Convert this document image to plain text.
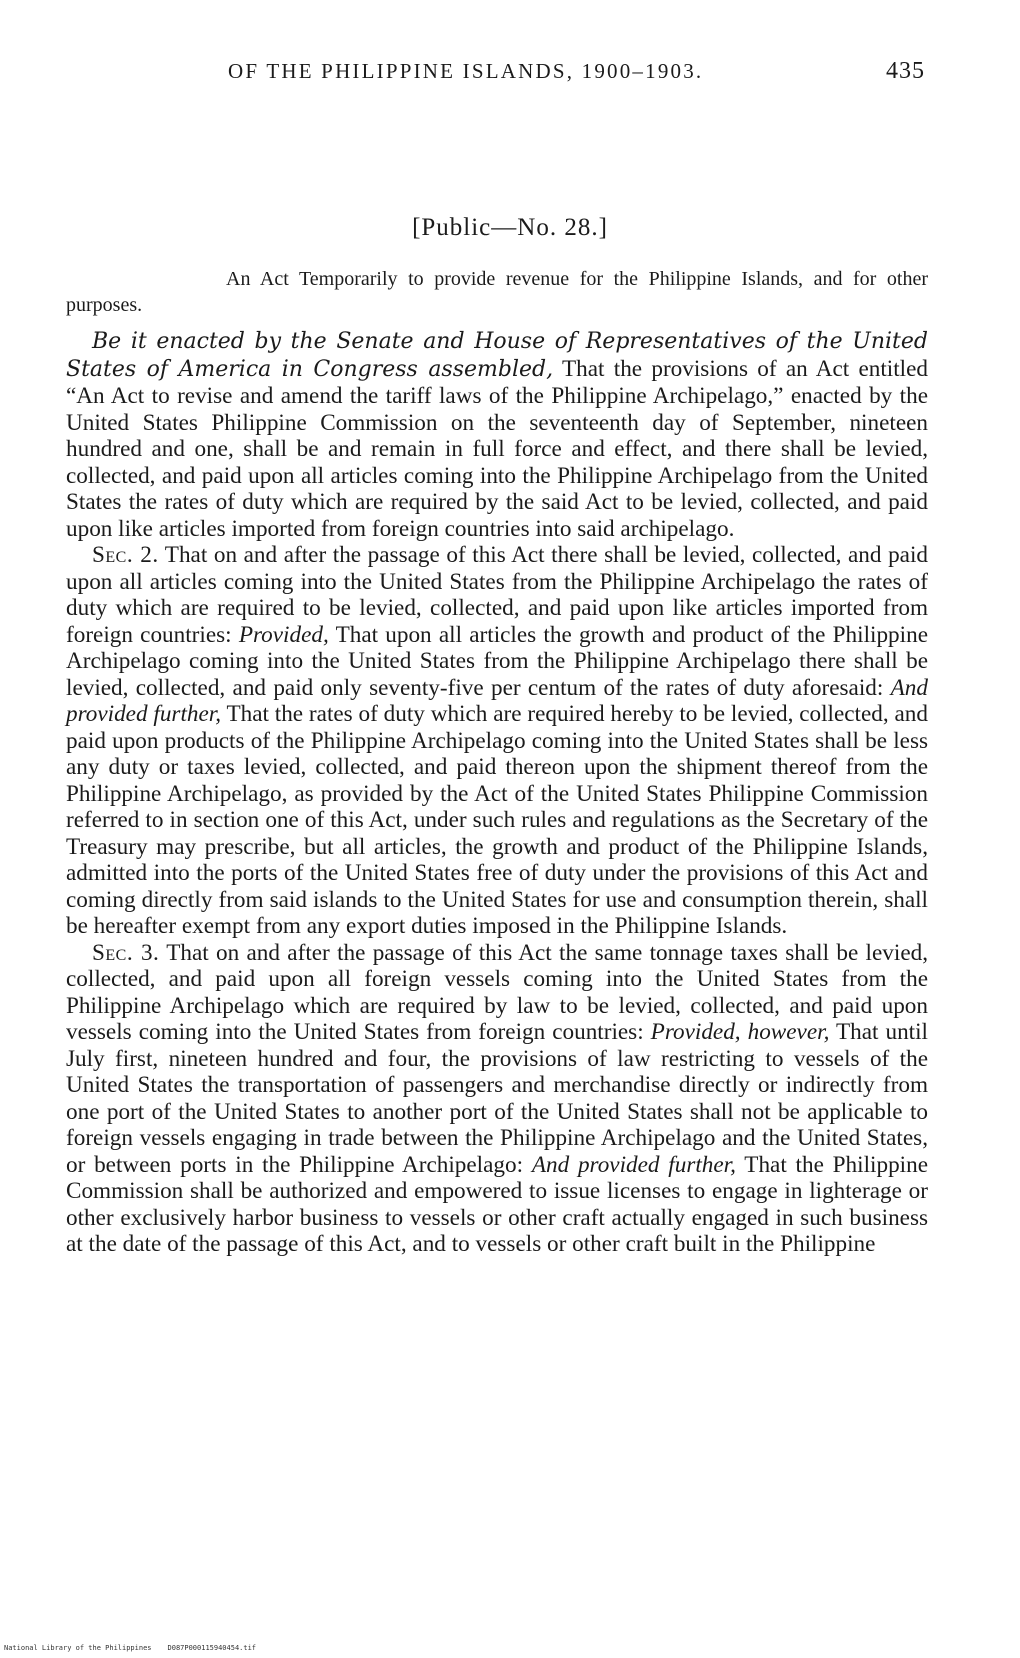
OF THE PHILIPPINE ISLANDS, 1900–1903.	435
[Public—No. 28.]

An Act Temporarily to provide revenue for the Philippine Islands, and for other purposes.

Be it enacted by the Senate and House of Representatives of the United States of America in Congress assembled, That the provisions of an Act entitled “An Act to revise and amend the tariff laws of the Philippine Archipelago,” enacted by the United States Philippine Commission on the seventeenth day of September, nineteen hundred and one, shall be and remain in full force and effect, and there shall be levied, collected, and paid upon all articles coming into the Philippine Archipelago from the United States the rates of duty which are required by the said Act to be levied, collected, and paid upon like articles imported from foreign countries into said archipelago.

Sec. 2. That on and after the passage of this Act there shall be levied, collected, and paid upon all articles coming into the United States from the Philippine Archipelago the rates of duty which are required to be levied, collected, and paid upon like articles imported from foreign countries: Provided, That upon all articles the growth and product of the Philippine Archipelago coming into the United States from the Philippine Archipelago there shall be levied, collected, and paid only seventy-five per centum of the rates of duty aforesaid: And provided further, That the rates of duty which are required hereby to be levied, collected, and paid upon products of the Philippine Archipelago coming into the United States shall be less any duty or taxes levied, collected, and paid thereon upon the shipment thereof from the Philippine Archipelago, as provided by the Act of the United States Philippine Commission referred to in section one of this Act, under such rules and regulations as the Secretary of the Treasury may prescribe, but all articles, the growth and product of the Philippine Islands, admitted into the ports of the United States free of duty under the provisions of this Act and coming directly from said islands to the United States for use and consumption therein, shall be hereafter exempt from any export duties imposed in the Philippine Islands.

Sec. 3. That on and after the passage of this Act the same tonnage taxes shall be levied, collected, and paid upon all foreign vessels coming into the United States from the Philippine Archipelago which are required by law to be levied, collected, and paid upon vessels coming into the United States from foreign countries: Provided, however, That until July first, nineteen hundred and four, the provisions of law restricting to vessels of the United States the transportation of passengers and merchandise directly or indirectly from one port of the United States to another port of the United States shall not be applicable to foreign vessels engaging in trade between the Philippine Archipelago and the United States, or between ports in the Philippine Archipelago: And provided further, That the Philippine Commission shall be authorized and empowered to issue licenses to engage in lighterage or other exclusively harbor business to vessels or other craft actually engaged in such business at the date of the passage of this Act, and to vessels or other craft built in the Philippine

National Library of the Philippines D087P000115940454.tif
